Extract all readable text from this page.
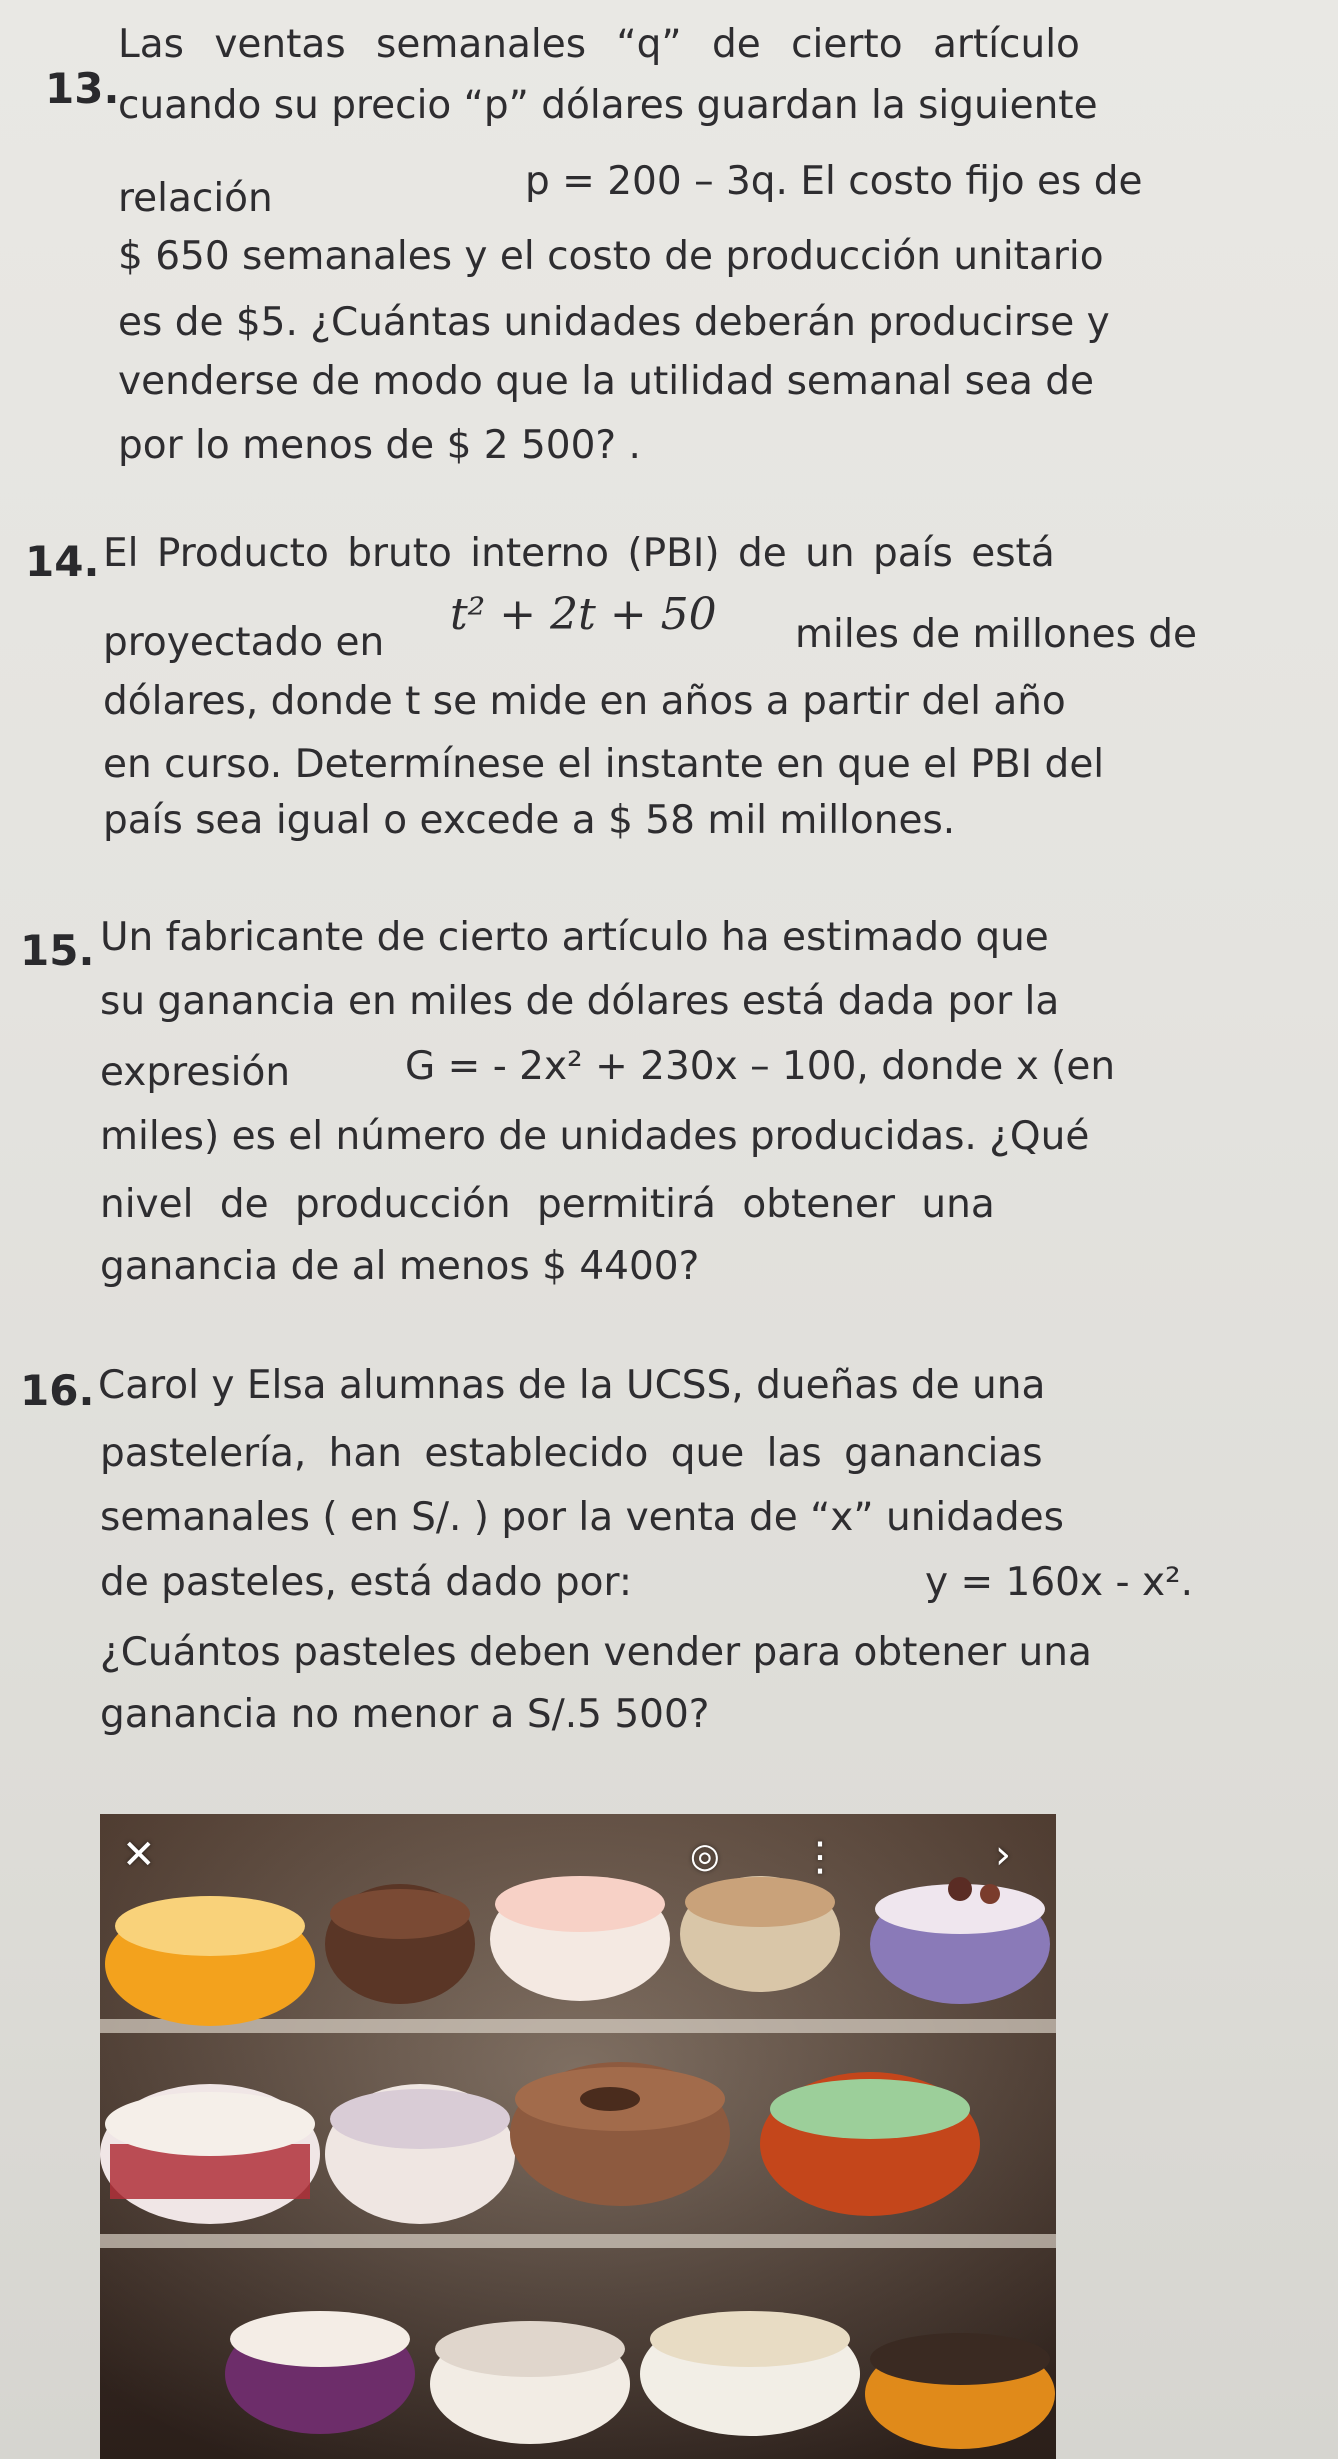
13.
Las ventas semanales “q” de cierto artículo
cuando su precio “p” dólares guardan la siguiente
relación	p = 200 – 3q. El costo fijo es de
$ 650 semanales y el costo de producción unitario
es de $5. ¿Cuántas unidades deberán producirse y
venderse de modo que la utilidad semanal sea de
por lo menos de $ 2 500? .
14. El Producto bruto interno (PBI) de un país está
proyectado en
t² + 2t + 50 miles de millones de
dólares, donde t se mide en años a partir del año
en curso. Determínese el instante en que el PBI del
país sea igual o excede a $ 58 mil millones.
15. Un fabricante de cierto artículo ha estimado que
su ganancia en miles de dólares está dada por la
expresión	G = - 2x² + 230x – 100, donde x (en
miles) es el número de unidades producidas. ¿Qué
nivel de producción permitirá obtener una
ganancia de al menos $ 4400?
16. Carol y Elsa alumnas de la UCSS, dueñas de una
pastelería, han establecido que las ganancias
semanales ( en S/. ) por la venta de “x” unidades
de pasteles, está dado por:	y = 160x - x².
¿Cuántos pasteles deben vender para obtener una
ganancia no menor a S/.5 500?
✕	◎ ⋮	›
